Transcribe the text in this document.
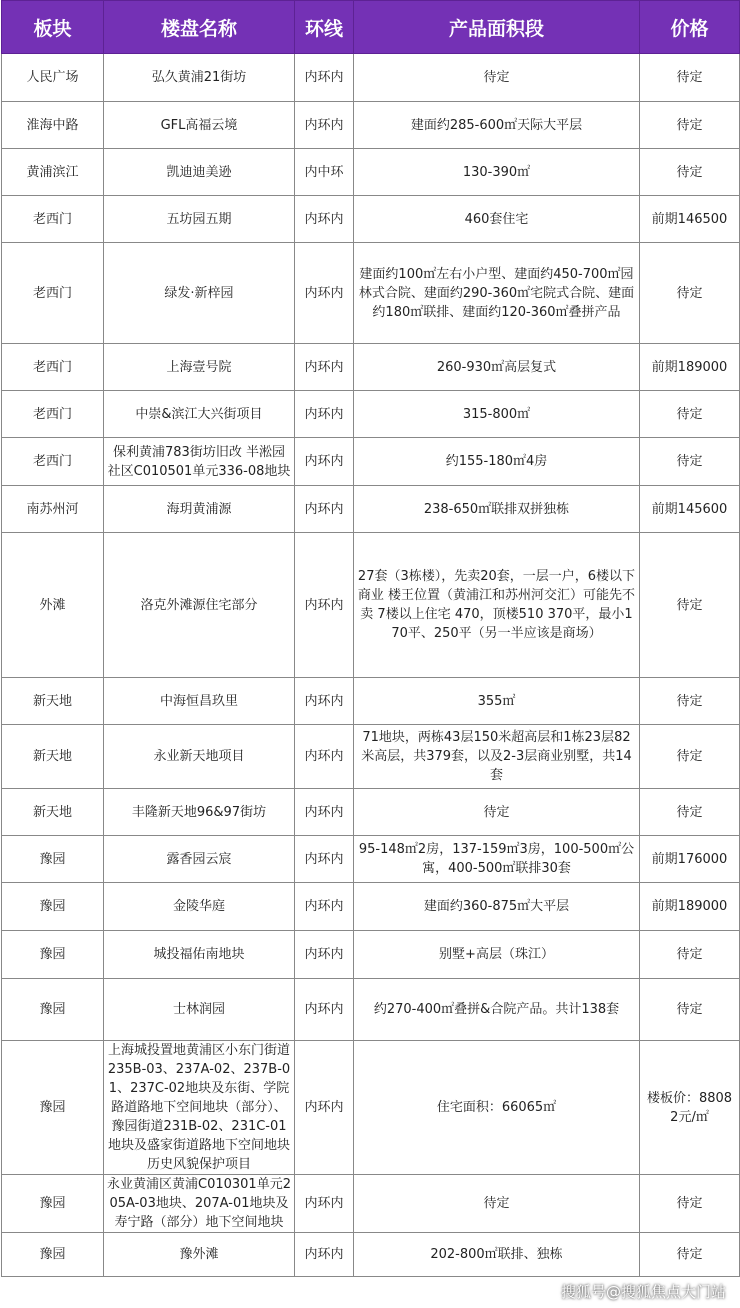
板块	楼盘名称	环线	产品面积段	价格
人民广场	弘久黄浦21街坊	内环内	待定	待定
淮海中路	GFL高福云境	内环内	建面约285-600㎡天际大平层	待定
黄浦滨江	凯迪迪美逊	内中环	130-390㎡	待定
老西门	五坊园五期	内环内	460套住宅	前期146500
老西门	绿发·新梓园	内环内	建面约100㎡左右小户型、建面约450-700㎡园林式合院、建面约290-360㎡宅院式合院、建面约180㎡联排、建面约120-360㎡叠拼产品	待定
老西门	上海壹号院	内环内	260-930㎡高层复式	前期189000
老西门	中崇&滨江大兴街项目	内环内	315-800㎡	待定
老西门	保利黄浦783街坊旧改 半淞园社区C010501单元336-08地块	内环内	约155-180㎡4房	待定
南苏州河	海玥黄浦源	内环内	238-650㎡联排双拼独栋	前期145600
外滩	洛克外滩源住宅部分	内环内	27套（3栋楼），先卖20套，一层一户，6楼以下商业 楼王位置（黄浦江和苏州河交汇）可能先不卖 7楼以上住宅 470，顶楼510 370平，最小170平、250平（另一半应该是商场）	待定
新天地	中海恒昌玖里	内环内	355㎡	待定
新天地	永业新天地项目	内环内	71地块，两栋43层150米超高层和1栋23层82米高层，共379套，以及2-3层商业别墅，共14套	待定
新天地	丰隆新天地96&97街坊	内环内	待定	待定
豫园	露香园云宸	内环内	95-148㎡2房，137-159㎡3房，100-500㎡公寓，400-500㎡联排30套	前期176000
豫园	金陵华庭	内环内	建面约360-875㎡大平层	前期189000
豫园	城投福佑南地块	内环内	别墅+高层（珠江）	待定
豫园	士林润园	内环内	约270-400㎡叠拼&合院产品。共计138套	待定
豫园	上海城投置地黄浦区小东门街道235B-03、237A-02、237B-01、237C-02地块及东街、学院路道路地下空间地块（部分）、豫园街道231B-02、231C-01地块及盛家街道路地下空间地块历史风貌保护项目	内环内	住宅面积：66065㎡	楼板价：88082元/㎡
豫园	永业黄浦区黄浦C010301单元205A-03地块、207A-01地块及寿宁路（部分）地下空间地块	内环内	待定	待定
豫园	豫外滩	内环内	202-800㎡联排、独栋	待定
搜狐号@搜狐焦点大门站
